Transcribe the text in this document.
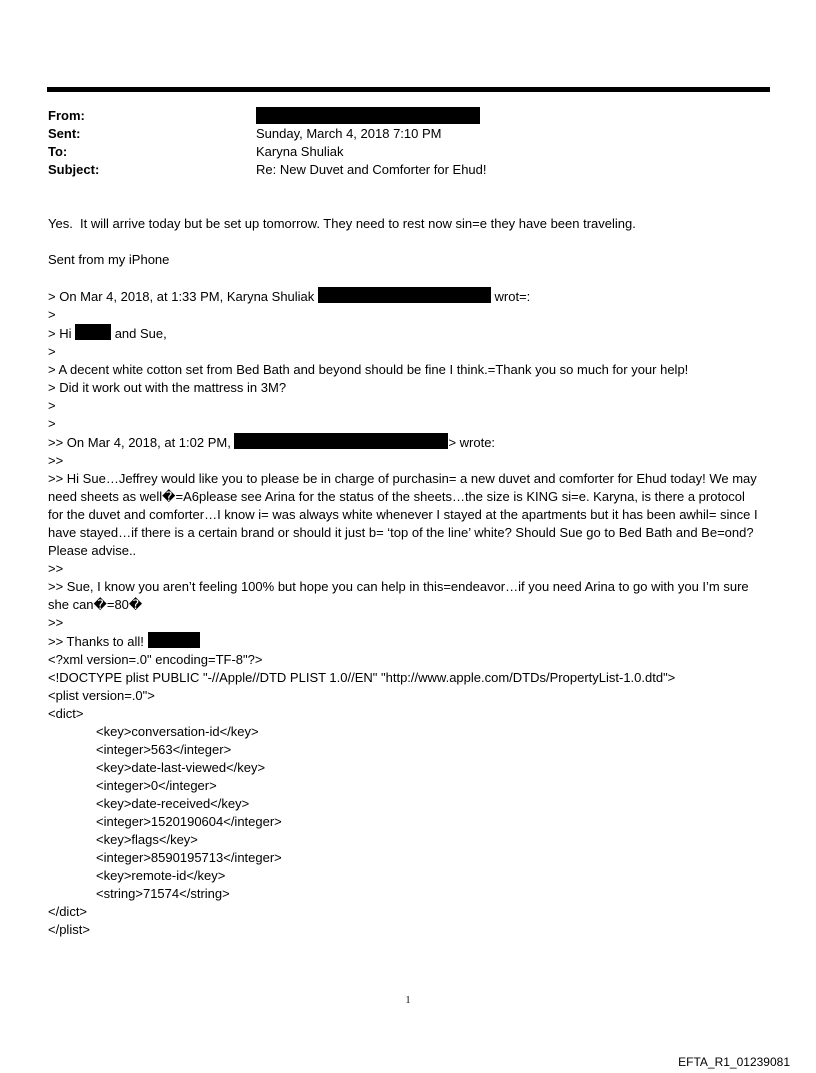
From:
Sent:	Sunday, March 4, 2018 7:10 PM
To:	Karyna Shuliak
Subject:	Re: New Duvet and Comforter for Ehud!
Yes.  It will arrive today but be set up tomorrow. They need to rest now sin=e they have been traveling.
Sent from my iPhone
> On Mar 4, 2018, at 1:33 PM, Karyna Shuliak	wrot=:
>
> Hi	and Sue,
>
> A decent white cotton set from Bed Bath and beyond should be fine I think.=Thank you so much for your help!
> Did it work out with the mattress in 3M?
>
>
>> On Mar 4, 2018, at 1:02 PM,	> wrote:
>>
>> Hi Sue…Jeffrey would like you to please be in charge of purchasin= a new duvet and comforter for Ehud today! We may need sheets as well�=A6please see Arina for the status of the sheets…the size is KING si=e. Karyna, is there a protocol for the duvet and comforter…I know i= was always white whenever I stayed at the apartments but it has been awhil= since I have stayed…if there is a certain brand or should it just b= ‘top of the line’ white? Should Sue go to Bed Bath and Be=ond? Please advise..
>>
>> Sue, I know you aren’t feeling 100% but hope you can help in this=endeavor…if you need Arina to go with you I’m sure she can�=80�
>>
>> Thanks to all!
<?xml version=.0" encoding=TF-8"?>
<!DOCTYPE plist PUBLIC "-//Apple//DTD PLIST 1.0//EN" "http://www.apple.com/DTDs/PropertyList-1.0.dtd">
<plist version=.0">
<dict>
<key>conversation-id</key>
<integer>563</integer>
<key>date-last-viewed</key>
<integer>0</integer>
<key>date-received</key>
<integer>1520190604</integer>
<key>flags</key>
<integer>8590195713</integer>
<key>remote-id</key>
<string>71574</string>
</dict>
</plist>
1
EFTA_R1_01239081
